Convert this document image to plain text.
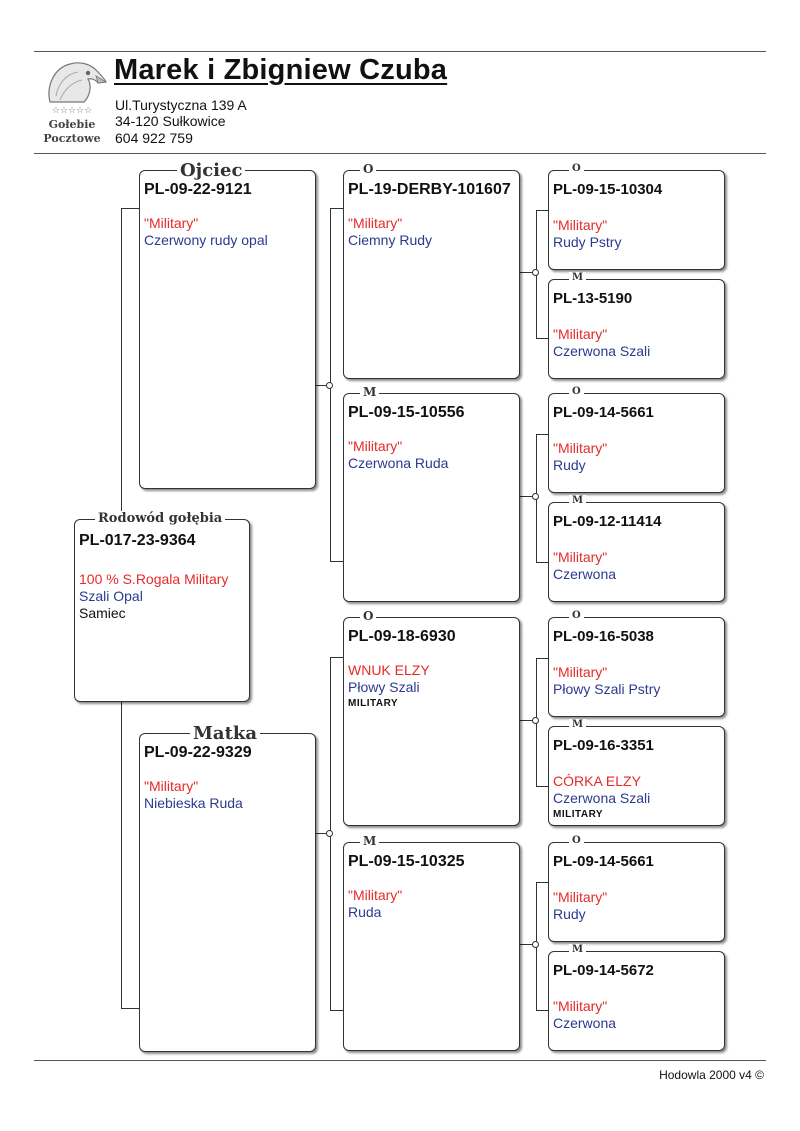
☆☆☆☆☆
Gołebie
Pocztowe
Marek i Zbigniew Czuba
Ul.Turystyczna 139 A
34-120 Sułkowice
604 922 759
Rodowód gołębia
PL-017-23-9364
100 % S.Rogala Military
Szali Opal
Samiec
Ojciec
PL-09-22-9121
"Military"
Czerwony rudy opal
Matka
PL-09-22-9329
"Military"
Niebieska Ruda
O
PL-19-DERBY-101607
"Military"
Ciemny Rudy
M
PL-09-15-10556
"Military"
Czerwona Ruda
O
PL-09-18-6930
WNUK ELZY
Płowy Szali
MILITARY
M
PL-09-15-10325
"Military"
Ruda
O
PL-09-15-10304
"Military"
Rudy Pstry
M
PL-13-5190
"Military"
Czerwona Szali
O
PL-09-14-5661
"Military"
Rudy
M
PL-09-12-11414
"Military"
Czerwona
O
PL-09-16-5038
"Military"
Płowy Szali Pstry
M
PL-09-16-3351
CÓRKA ELZY
Czerwona Szali
MILITARY
O
PL-09-14-5661
"Military"
Rudy
M
PL-09-14-5672
"Military"
Czerwona
Hodowla 2000 v4 ©
